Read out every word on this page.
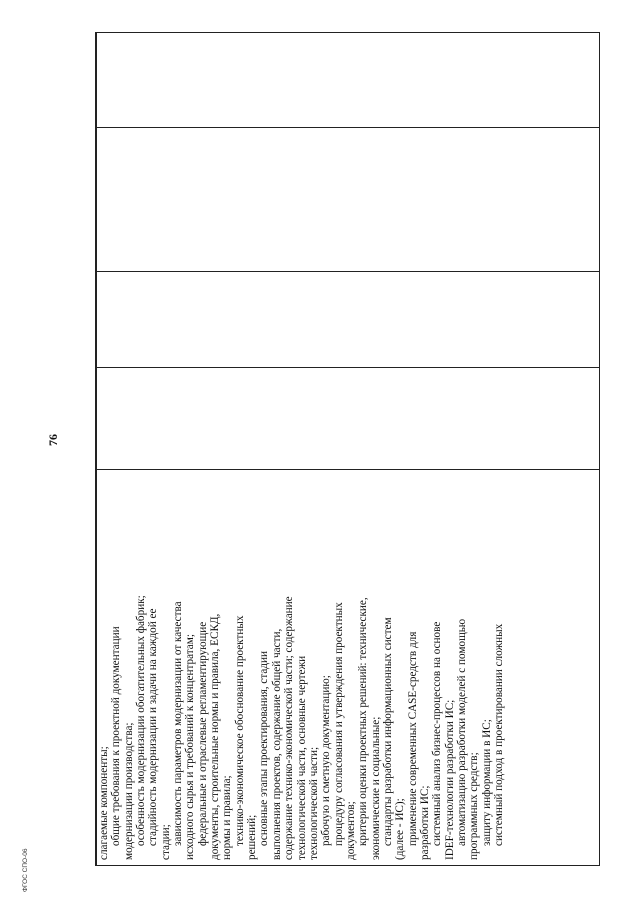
слагаемые компоненты; общие требования к проектной документации модернизации производства; особенность модернизации обогатительных фабрик; стадийность модернизации и задачи на каждой ее стадии; зависимость параметров модернизации от качества исходного сырья и требований к концентратам; федеральные и отраслевые регламентирующие документы, строительные нормы и правила, ЕСКД, нормы и правила; технико-экономическое обоснование проектных решений; основные этапы проектирования, стадии выполнения проектов, содержание общей части, содержание технико-экономической части; содержание технологической части, основные чертежи технологической части; рабочую и сметную документацию; процедуру согласования и утверждения проектных документов; критерии оценки проектных решений: технические, экономические и социальные; стандарты разработки информационных систем (далее - ИС); применение современных CASE-средств для разработки ИС; системный анализ бизнес-процессов на основе IDEF-технологии разработки ИС; автоматизацию разработки моделей с помощью программных средств; защиту информации в ИС; системный подход в проектировании сложных
76
ФГОС СПО-06
